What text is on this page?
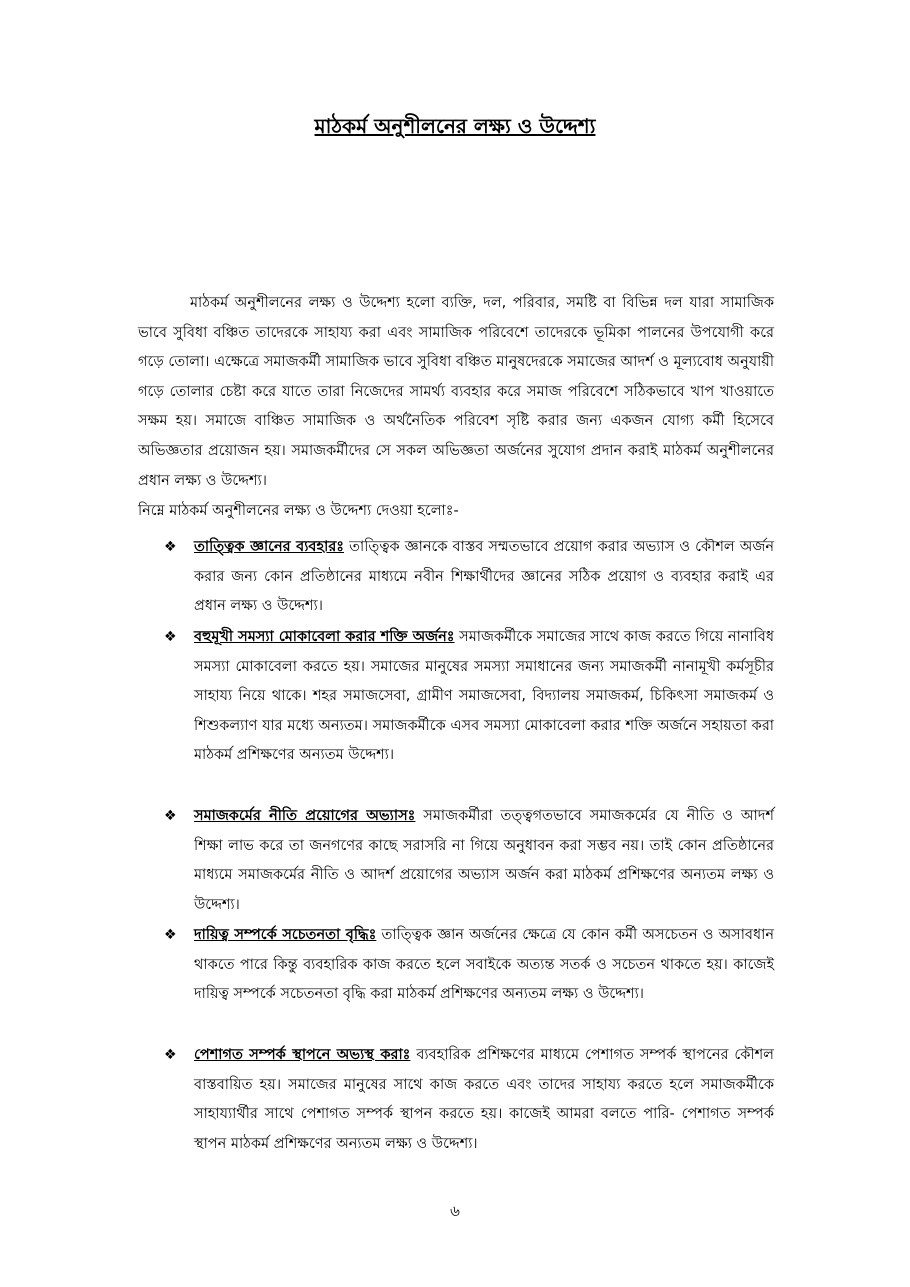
মাঠকর্ম অনুশীলনের লক্ষ্য ও উদ্দেশ্য

মাঠকর্ম অনুশীলনের লক্ষ্য ও উদ্দেশ্য হলো ব্যক্তি, দল, পরিবার, সমষ্টি বা বিভিন্ন দল যারা সামাজিক ভাবে সুবিধা বঞ্চিত তাদেরকে সাহায্য করা এবং সামাজিক পরিবেশে তাদেরকে ভূমিকা পালনের উপযোগী করে গড়ে তোলা। এক্ষেত্রে সমাজকর্মী সামাজিক ভাবে সুবিধা বঞ্চিত মানুষদেরকে সমাজের আদর্শ ও মূল্যবোধ অনুযায়ী গড়ে তোলার চেষ্টা করে যাতে তারা নিজেদের সামর্থ্য ব্যবহার করে সমাজ পরিবেশে সঠিকভাবে খাপ খাওয়াতে সক্ষম হয়। সমাজে বাঞ্চিত সামাজিক ও অর্থনৈতিক পরিবেশ সৃষ্টি করার জন্য একজন যোগ্য কর্মী হিসেবে অভিজ্ঞতার প্রয়োজন হয়। সমাজকর্মীদের সে সকল অভিজ্ঞতা অর্জনের সুযোগ প্রদান করাই মাঠকর্ম অনুশীলনের প্রধান লক্ষ্য ও উদ্দেশ্য।

নিম্নে মাঠকর্ম অনুশীলনের লক্ষ্য ও উদ্দেশ্য দেওয়া হলোঃ-

❖ তাত্ত্বিক জ্ঞানের ব্যবহারঃ তাত্ত্বিক জ্ঞানকে বাস্তব সম্মতভাবে প্রয়োগ করার অভ্যাস ও কৌশল অর্জন করার জন্য কোন প্রতিষ্ঠানের মাধ্যমে নবীন শিক্ষার্থীদের জ্ঞানের সঠিক প্রয়োগ ও ব্যবহার করাই এর প্রধান লক্ষ্য ও উদ্দেশ্য।

❖ বহুমূখী সমস্যা মোকাবেলা করার শক্তি অর্জনঃ সমাজকর্মীকে সমাজের সাথে কাজ করতে গিয়ে নানাবিধ সমস্যা মোকাবেলা করতে হয়। সমাজের মানুষের সমস্যা সমাধানের জন্য সমাজকর্মী নানামূখী কর্মসূচীর সাহায্য নিয়ে থাকে। শহর সমাজসেবা, গ্রামীণ সমাজসেবা, বিদ্যালয় সমাজকর্ম, চিকিৎসা সমাজকর্ম ও শিশুকল্যাণ যার মধ্যে অন্যতম। সমাজকর্মীকে এসব সমস্যা মোকাবেলা করার শক্তি অর্জনে সহায়তা করা মাঠকর্ম প্রশিক্ষণের অন্যতম উদ্দেশ্য।

❖ সমাজকর্মের নীতি প্রয়োগের অভ্যাসঃ সমাজকর্মীরা তত্ত্বগতভাবে সমাজকর্মের যে নীতি ও আদর্শ শিক্ষা লাভ করে তা জনগণের কাছে সরাসরি না গিয়ে অনুধাবন করা সম্ভব নয়। তাই কোন প্রতিষ্ঠানের মাধ্যমে সমাজকর্মের নীতি ও আদর্শ প্রয়োগের অভ্যাস অর্জন করা মাঠকর্ম প্রশিক্ষণের অন্যতম লক্ষ্য ও উদ্দেশ্য।

❖ দায়িত্ব সম্পর্কে সচেতনতা বৃদ্ধিঃ তাত্ত্বিক জ্ঞান অর্জনের ক্ষেত্রে যে কোন কর্মী অসচেতন ও অসাবধান থাকতে পারে কিন্তু ব্যবহারিক কাজ করতে হলে সবাইকে অত্যন্ত সতর্ক ও সচেতন থাকতে হয়। কাজেই দায়িত্ব সম্পর্কে সচেতনতা বৃদ্ধি করা মাঠকর্ম প্রশিক্ষণের অন্যতম লক্ষ্য ও উদ্দেশ্য।

❖ পেশাগত সম্পর্ক স্থাপনে অভ্যস্থ করাঃ ব্যবহারিক প্রশিক্ষণের মাধ্যমে পেশাগত সম্পর্ক স্থাপনের কৌশল বাস্তবায়িত হয়। সমাজের মানুষের সাথে কাজ করতে এবং তাদের সাহায্য করতে হলে সমাজকর্মীকে সাহায্যার্থীর সাথে পেশাগত সম্পর্ক স্থাপন করতে হয়। কাজেই আমরা বলতে পারি- পেশাগত সম্পর্ক স্থাপন মাঠকর্ম প্রশিক্ষণের অন্যতম লক্ষ্য ও উদ্দেশ্য।

৬
